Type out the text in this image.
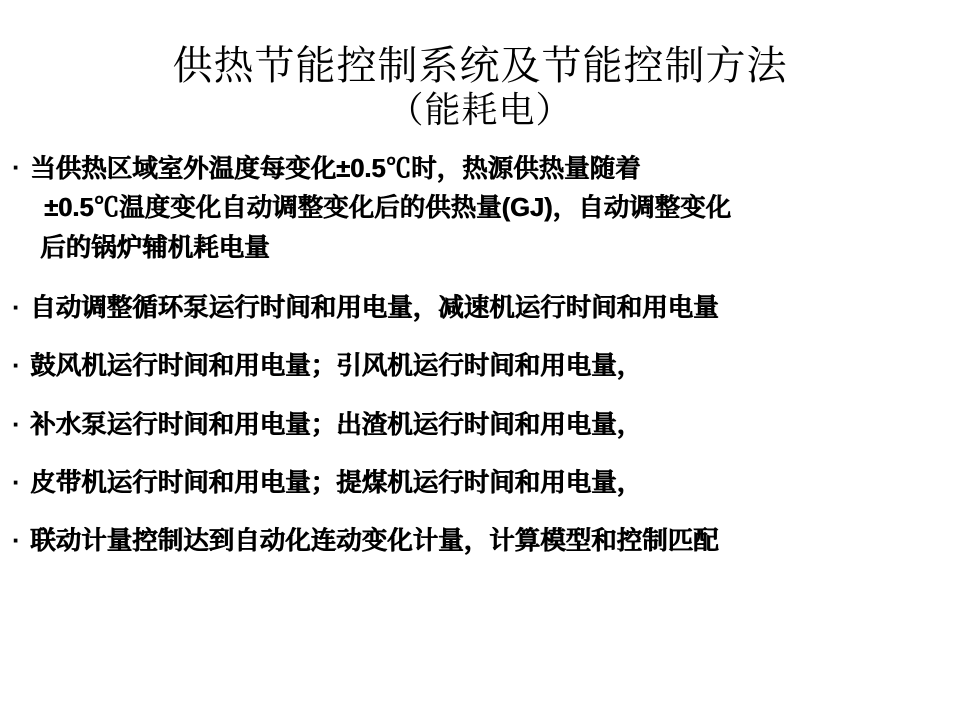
供热节能控制系统及节能控制方法
（能耗电）
· 当供热区域室外温度每变化±0.5℃时，热源供热量随着
±0.5℃温度变化自动调整变化后的供热量(GJ)，自动调整变化
后的锅炉辅机耗电量
· 自动调整循环泵运行时间和用电量，减速机运行时间和用电量
· 鼓风机运行时间和用电量；引风机运行时间和用电量，
· 补水泵运行时间和用电量；出渣机运行时间和用电量，
· 皮带机运行时间和用电量；提煤机运行时间和用电量，
· 联动计量控制达到自动化连动变化计量，计算模型和控制匹配
